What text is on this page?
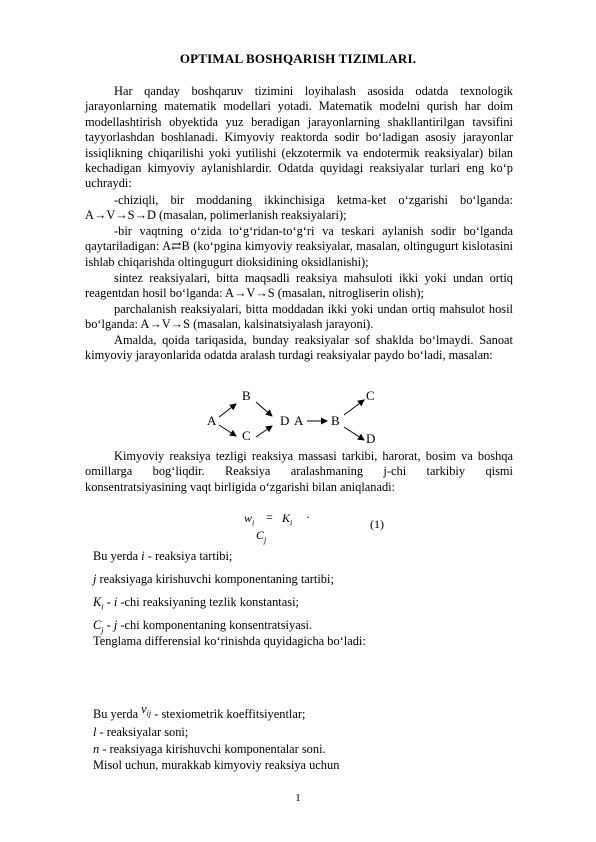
OPTIMAL BOSHQARISH TIZIMLARI.

Har qanday boshqaruv tizimini loyihalash asosida odatda texnologik jarayonlarning matematik modellari yotadi. Matematik modelni qurish har doim modellashtirish obyektida yuz beradigan jarayonlarning shakllantirilgan tavsifini tayyorlashdan boshlanadi. Kimyoviy reaktorda sodir bo‘ladigan asosiy jarayonlar issiqlikning chiqarilishi yoki yutilishi (ekzotermik va endotermik reaksiyalar) bilan kechadigan kimyoviy aylanishlardir. Odatda quyidagi reaksiyalar turlari eng ko‘p uchraydi:

-chiziqli, bir moddaning ikkinchisiga ketma-ket o‘zgarishi bo‘lganda: A→V→S→D (masalan, polimerlanish reaksiyalari);

-bir vaqtning o‘zida to‘g‘ridan-to‘g‘ri va teskari aylanish sodir bo‘lganda qaytariladigan: A⇄B (ko‘pgina kimyoviy reaksiyalar, masalan, oltingugurt kislotasini ishlab chiqarishda oltingugurt dioksidining oksidlanishi);

sintez reaksiyalari, bitta maqsadli reaksiya mahsuloti ikki yoki undan ortiq reagentdan hosil bo‘lganda: A→V→S (masalan, nitrogliserin olish);

parchalanish reaksiyalari, bitta moddadan ikki yoki undan ortiq mahsulot hosil bo‘lganda: A→V→S (masalan, kalsinatsiyalash jarayoni).

Amalda, qoida tariqasida, bunday reaksiyalar sof shaklda bo‘lmaydi. Sanoat kimyoviy jarayonlarida odatda aralash turdagi reaksiyalar paydo bo‘ladi, masalan:

A
B
C
D A B
C
D

Kimyoviy reaksiya tezligi reaksiya massasi tarkibi, harorat, bosim va boshqa omillarga bog‘liqdir. Reaksiya aralashmaning j-chi tarkibiy qismi konsentratsiyasining vaqt birligida o‘zgarishi bilan aniqlanadi:

$w_i = K_i$ ·
$C_j$
(1)

Bu yerda i - reaksiya tartibi;

j reaksiyaga kirishuvchi komponentaning tartibi;

$K_i$ - i -chi reaksiyaning tezlik konstantasi;

$C_j$ - j -chi komponentaning konsentratsiyasi.

Tenglama differensial ko‘rinishda quyidagicha bo‘ladi:

Bu yerda $\nu_{ij}$ - stexiometrik koeffitsiyentlar;

l - reaksiyalar soni;

n - reaksiyaga kirishuvchi komponentalar soni.

Misol uchun, murakkab kimyoviy reaksiya uchun

1
